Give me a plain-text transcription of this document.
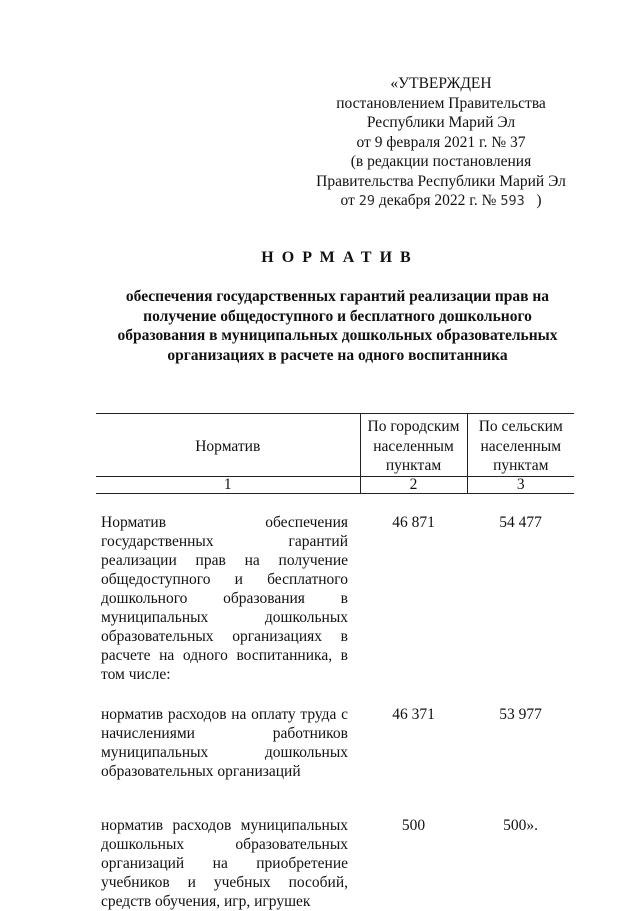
«УТВЕРЖДЕН
постановлением Правительства
Республики Марий Эл
от 9 февраля 2021 г. № 37
(в редакции постановления
Правительства Республики Марий Эл
от 29 декабря 2022 г. № 593   )
НОРМАТИВ
обеспечения государственных гарантий реализации прав на получение общедоступного и бесплатного дошкольного образования в муниципальных дошкольных образовательных организациях в расчете на одного воспитанника
Норматив	По городским населенным пунктам	По сельским населенным пунктам
1	2	3
Норматив обеспечения государственных гарантий реализации прав на получение общедоступного и бесплатного дошкольного образования в муниципальных дошкольных образовательных организациях в расчете на одного воспитанника, в том числе:	46 871	54 477
норматив расходов на оплату труда с начислениями работников муниципальных дошкольных образовательных организаций	46 371	53 977
норматив расходов муниципальных дошкольных образовательных организаций на приобретение учебников и учебных пособий, средств обучения, игр, игрушек	500	500».
